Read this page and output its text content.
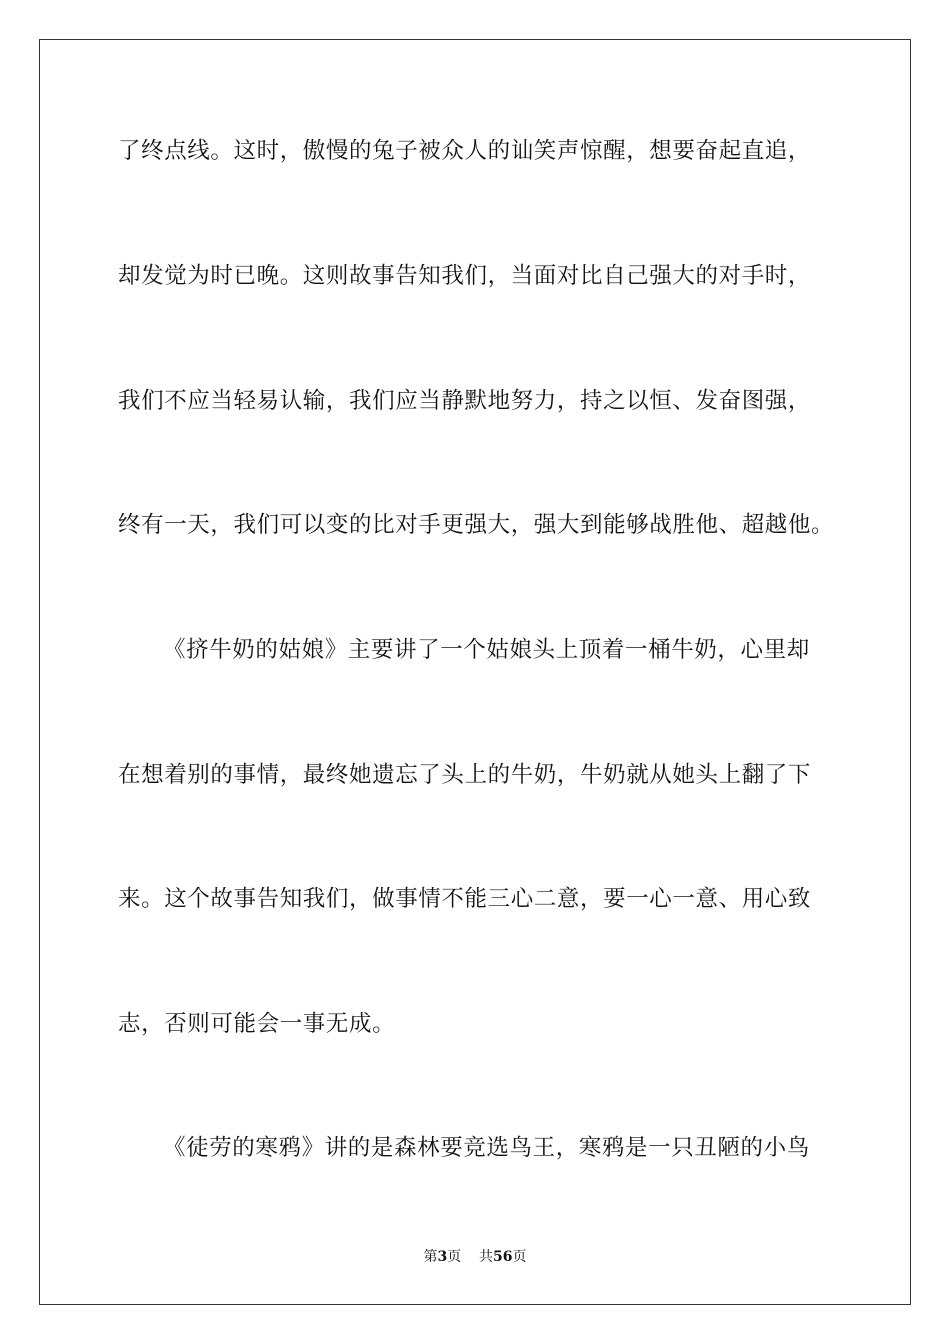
了终点线。这时，傲慢的兔子被众人的讪笑声惊醒，想要奋起直追，
却发觉为时已晚。这则故事告知我们，当面对比自己强大的对手时，
我们不应当轻易认输，我们应当静默地努力，持之以恒、发奋图强，
终有一天，我们可以变的比对手更强大，强大到能够战胜他、超越他。
《挤牛奶的姑娘》主要讲了一个姑娘头上顶着一桶牛奶，心里却
在想着别的事情，最终她遗忘了头上的牛奶，牛奶就从她头上翻了下
来。这个故事告知我们，做事情不能三心二意，要一心一意、用心致
志，否则可能会一事无成。
《徒劳的寒鸦》讲的是森林要竞选鸟王，寒鸦是一只丑陋的小鸟
第3页 共56页
